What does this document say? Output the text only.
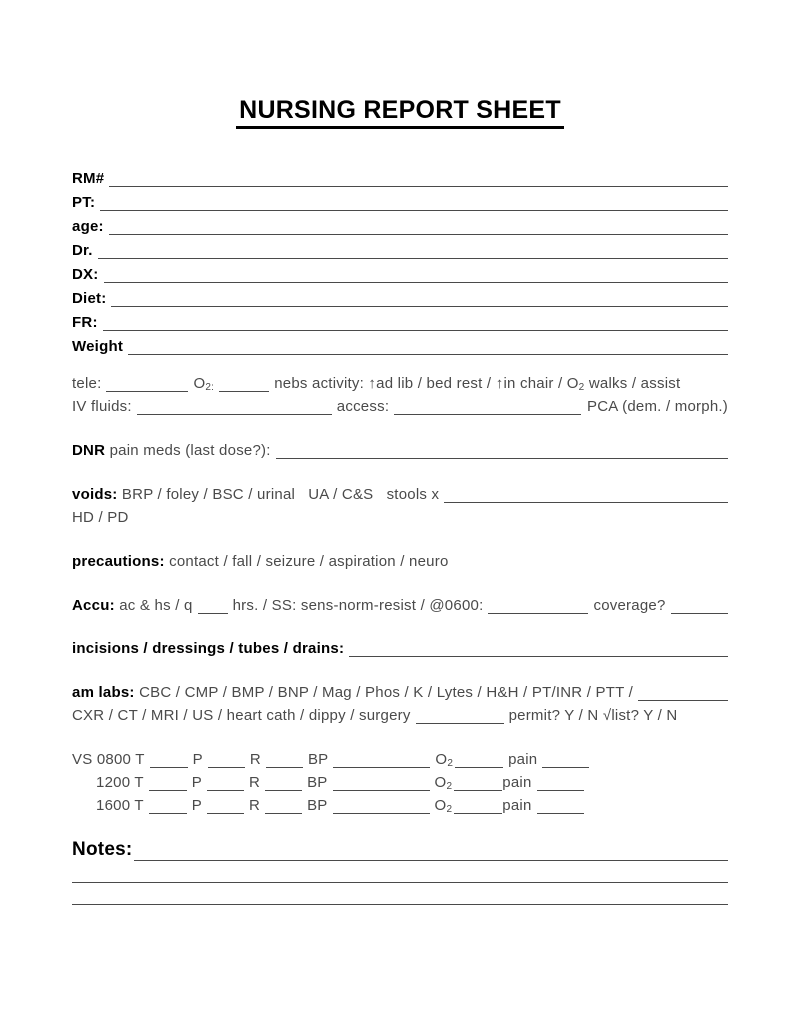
NURSING REPORT SHEET
RM#
PT:
age:
Dr.
DX:
Diet:
FR:
Weight
tele:	O 2:	nebs activity: ↑ad lib / bed rest / ↑in chair / O 2 walks / assist
IV fluids:	access:	PCA (dem. / morph.)
DNR pain meds (last dose?):
voids: BRP / foley / BSC / urinal   UA / C&S   stools x
HD / PD
precautions: contact / fall / seizure / aspiration / neuro
Accu: ac & hs / q	hrs. / SS: sens-norm-resist / @0600:	coverage?
incisions / dressings / tubes / drains:
am labs: CBC / CMP / BMP / BNP / Mag / Phos / K / Lytes / H&H / PT/INR / PTT /
CXR / CT / MRI / US / heart cath / dippy / surgery	permit? Y / N √list? Y / N
VS 0800 T	P	R	BP	O 2	pain
1200 T	P	R	BP	O 2	pain
1600 T	P	R	BP	O 2	pain
Notes:
